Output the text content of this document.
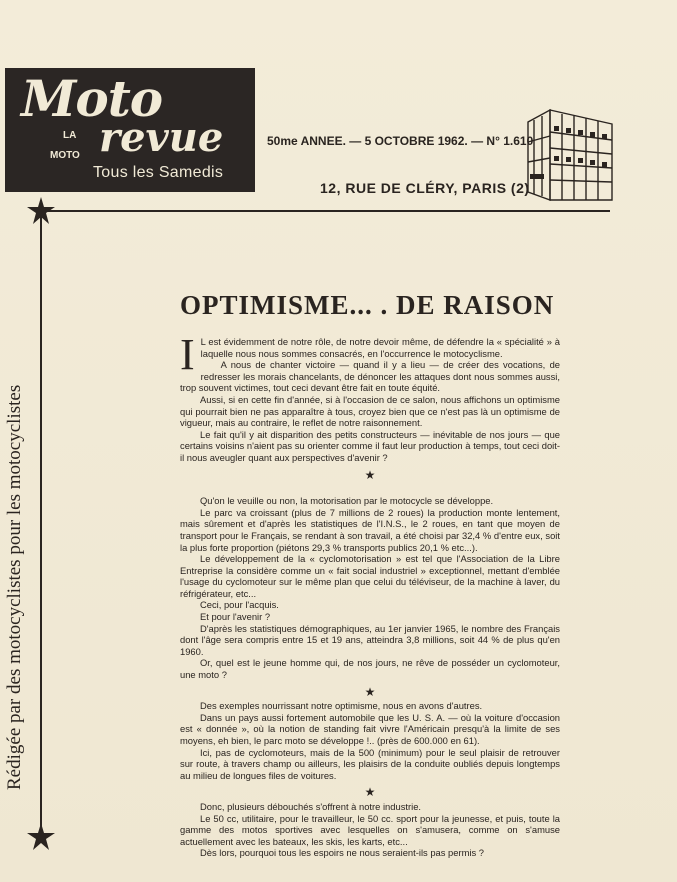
Moto
LA
MOTO revue
Tous les Samedis
50me ANNEE. — 5 OCTOBRE 1962. — N° 1.610
12, RUE DE CLÉRY, PARIS (2)
Rédigée par des motocyclistes pour les motocyclistes
OPTIMISME... . DE RAISON

I L est évidemment de notre rôle, de notre devoir même, de défendre la « spécialité » à laquelle nous nous sommes consacrés, en l'occurrence le motocyclisme.

A nous de chanter victoire — quand il y a lieu — de créer des vocations, de redresser les morais chancelants, de dénoncer les attaques dont nous sommes aussi, trop souvent victimes, tout ceci devant être fait en toute équité.

Aussi, si en cette fin d'année, si à l'occasion de ce salon, nous affichons un optimisme qui pourrait bien ne pas apparaître à tous, croyez bien que ce n'est pas là un optimisme de vigueur, mais au contraire, le reflet de notre raisonnement.

Le fait qu'il y ait disparition des petits constructeurs — inévitable de nos jours — que certains voisins n'aient pas su orienter comme il faut leur production à temps, tout ceci doit-il nous aveugler quant aux perspectives d'avenir ?

★

Qu'on le veuille ou non, la motorisation par le motocycle se développe.

Le parc va croissant (plus de 7 millions de 2 roues) la production monte lentement, mais sûrement et d'après les statistiques de l'I.N.S., le 2 roues, en tant que moyen de transport pour le Français, se rendant à son travail, a été choisi par 32,4 % d'entre eux, soit la plus forte proportion (piétons 29,3 % transports publics 20,1 % etc...).

Le développement de la « cyclomotorisation » est tel que l'Association de la Libre Entreprise la considère comme un « fait social industriel » exceptionnel, mettant d'emblée l'usage du cyclomoteur sur le même plan que celui du téléviseur, de la machine à laver, du réfrigérateur, etc...

Ceci, pour l'acquis.

Et pour l'avenir ?

D'après les statistiques démographiques, au 1er janvier 1965, le nombre des Français dont l'âge sera compris entre 15 et 19 ans, atteindra 3,8 millions, soit 44 % de plus qu'en 1960.

Or, quel est le jeune homme qui, de nos jours, ne rêve de posséder un cyclomoteur, une moto ?

★

Des exemples nourrissant notre optimisme, nous en avons d'autres.

Dans un pays aussi fortement automobile que les U. S. A. — où la voiture d'occasion est « donnée », où la notion de standing fait vivre l'Américain presqu'à la limite de ses moyens, eh bien, le parc moto se développe !.. (près de 600.000 en 61).

Ici, pas de cyclomoteurs, mais de la 500 (minimum) pour le seul plaisir de retrouver sur route, à travers champ ou ailleurs, les plaisirs de la conduite oubliés depuis longtemps au milieu de longues files de voitures.

★

Donc, plusieurs débouchés s'offrent à notre industrie.

Le 50 cc, utilitaire, pour le travailleur, le 50 cc. sport pour la jeunesse, et puis, toute la gamme des motos sportives avec lesquelles on s'amusera, comme on s'amuse actuellement avec les bateaux, les skis, les karts, etc...

Dès lors, pourquoi tous les espoirs ne nous seraient-ils pas permis ?
